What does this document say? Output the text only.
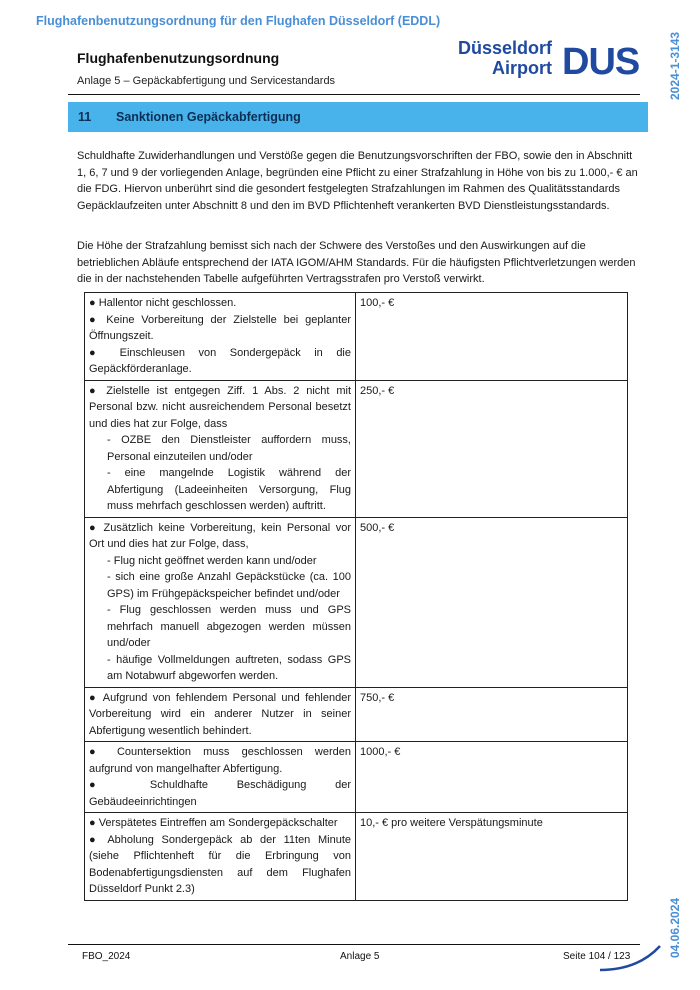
Flughafenbenutzungsordnung für den Flughafen Düsseldorf (EDDL)
Flughafenbenutzungsordnung
Anlage 5 – Gepäckabfertigung und Servicestandards
Düsseldorf
Airport DUS 2024-1-3143
11 Sanktionen Gepäckabfertigung
Schuldhafte Zuwiderhandlungen und Verstöße gegen die Benutzungsvorschriften der FBO, sowie den in Abschnitt 1, 6, 7 und 9 der vorliegenden Anlage, begründen eine Pflicht zu einer Strafzahlung in Höhe von bis zu 1.000,- € an die FDG. Hiervon unberührt sind die gesondert festgelegten Strafzahlungen im Rahmen des Qualitätsstandards Gepäcklaufzeiten unter Abschnitt 8 und den im BVD Pflichtenheft verankerten BVD Dienstleistungsstandards.
Die Höhe der Strafzahlung bemisst sich nach der Schwere des Verstoßes und den Auswirkungen auf die betrieblichen Abläufe entsprechend der IATA IGOM/AHM Standards. Für die häufigsten Pflichtverletzungen werden die in der nachstehenden Tabelle aufgeführten Vertragsstrafen pro Verstoß verwirkt.
● Hallentor nicht geschlossen.
● Keine Vorbereitung der Zielstelle bei geplanter Öffnungszeit.
● Einschleusen von Sondergepäck in die Gepäckförderanlage.	100,- €

● Zielstelle ist entgegen Ziff. 1 Abs. 2 nicht mit Personal bzw. nicht ausreichendem Personal besetzt und dies hat zur Folge, dass
- OZBE den Dienstleister auffordern muss, Personal einzuteilen und/oder
- eine mangelnde Logistik während der Abfertigung (Ladeeinheiten Versorgung, Flug muss mehrfach geschlossen werden) auftritt.	250,- €

● Zusätzlich keine Vorbereitung, kein Personal vor Ort und dies hat zur Folge, dass,
- Flug nicht geöffnet werden kann und/oder
- sich eine große Anzahl Gepäckstücke (ca. 100 GPS) im Frühgepäckspeicher befindet und/oder
- Flug geschlossen werden muss und GPS mehrfach manuell abgezogen werden müssen und/oder
- häufige Vollmeldungen auftreten, sodass GPS am Notabwurf abgeworfen werden.	500,- €

● Aufgrund von fehlendem Personal und fehlender Vorbereitung wird ein anderer Nutzer in seiner Abfertigung wesentlich behindert.	750,- €

● Countersektion muss geschlossen werden aufgrund von mangelhafter Abfertigung.
● Schuldhafte Beschädigung der Gebäudeeinrichtingen	1000,- €

● Verspätetes Eintreffen am Sondergepäckschalter
● Abholung Sondergepäck ab der 11ten Minute (siehe Pflichtenheft für die Erbringung von Bodenabfertigungsdiensten auf dem Flughafen Düsseldorf Punkt 2.3)	10,- € pro weitere Verspätungsminute
FBO_2024	Anlage 5	Seite 104 / 123	04.06.2024
